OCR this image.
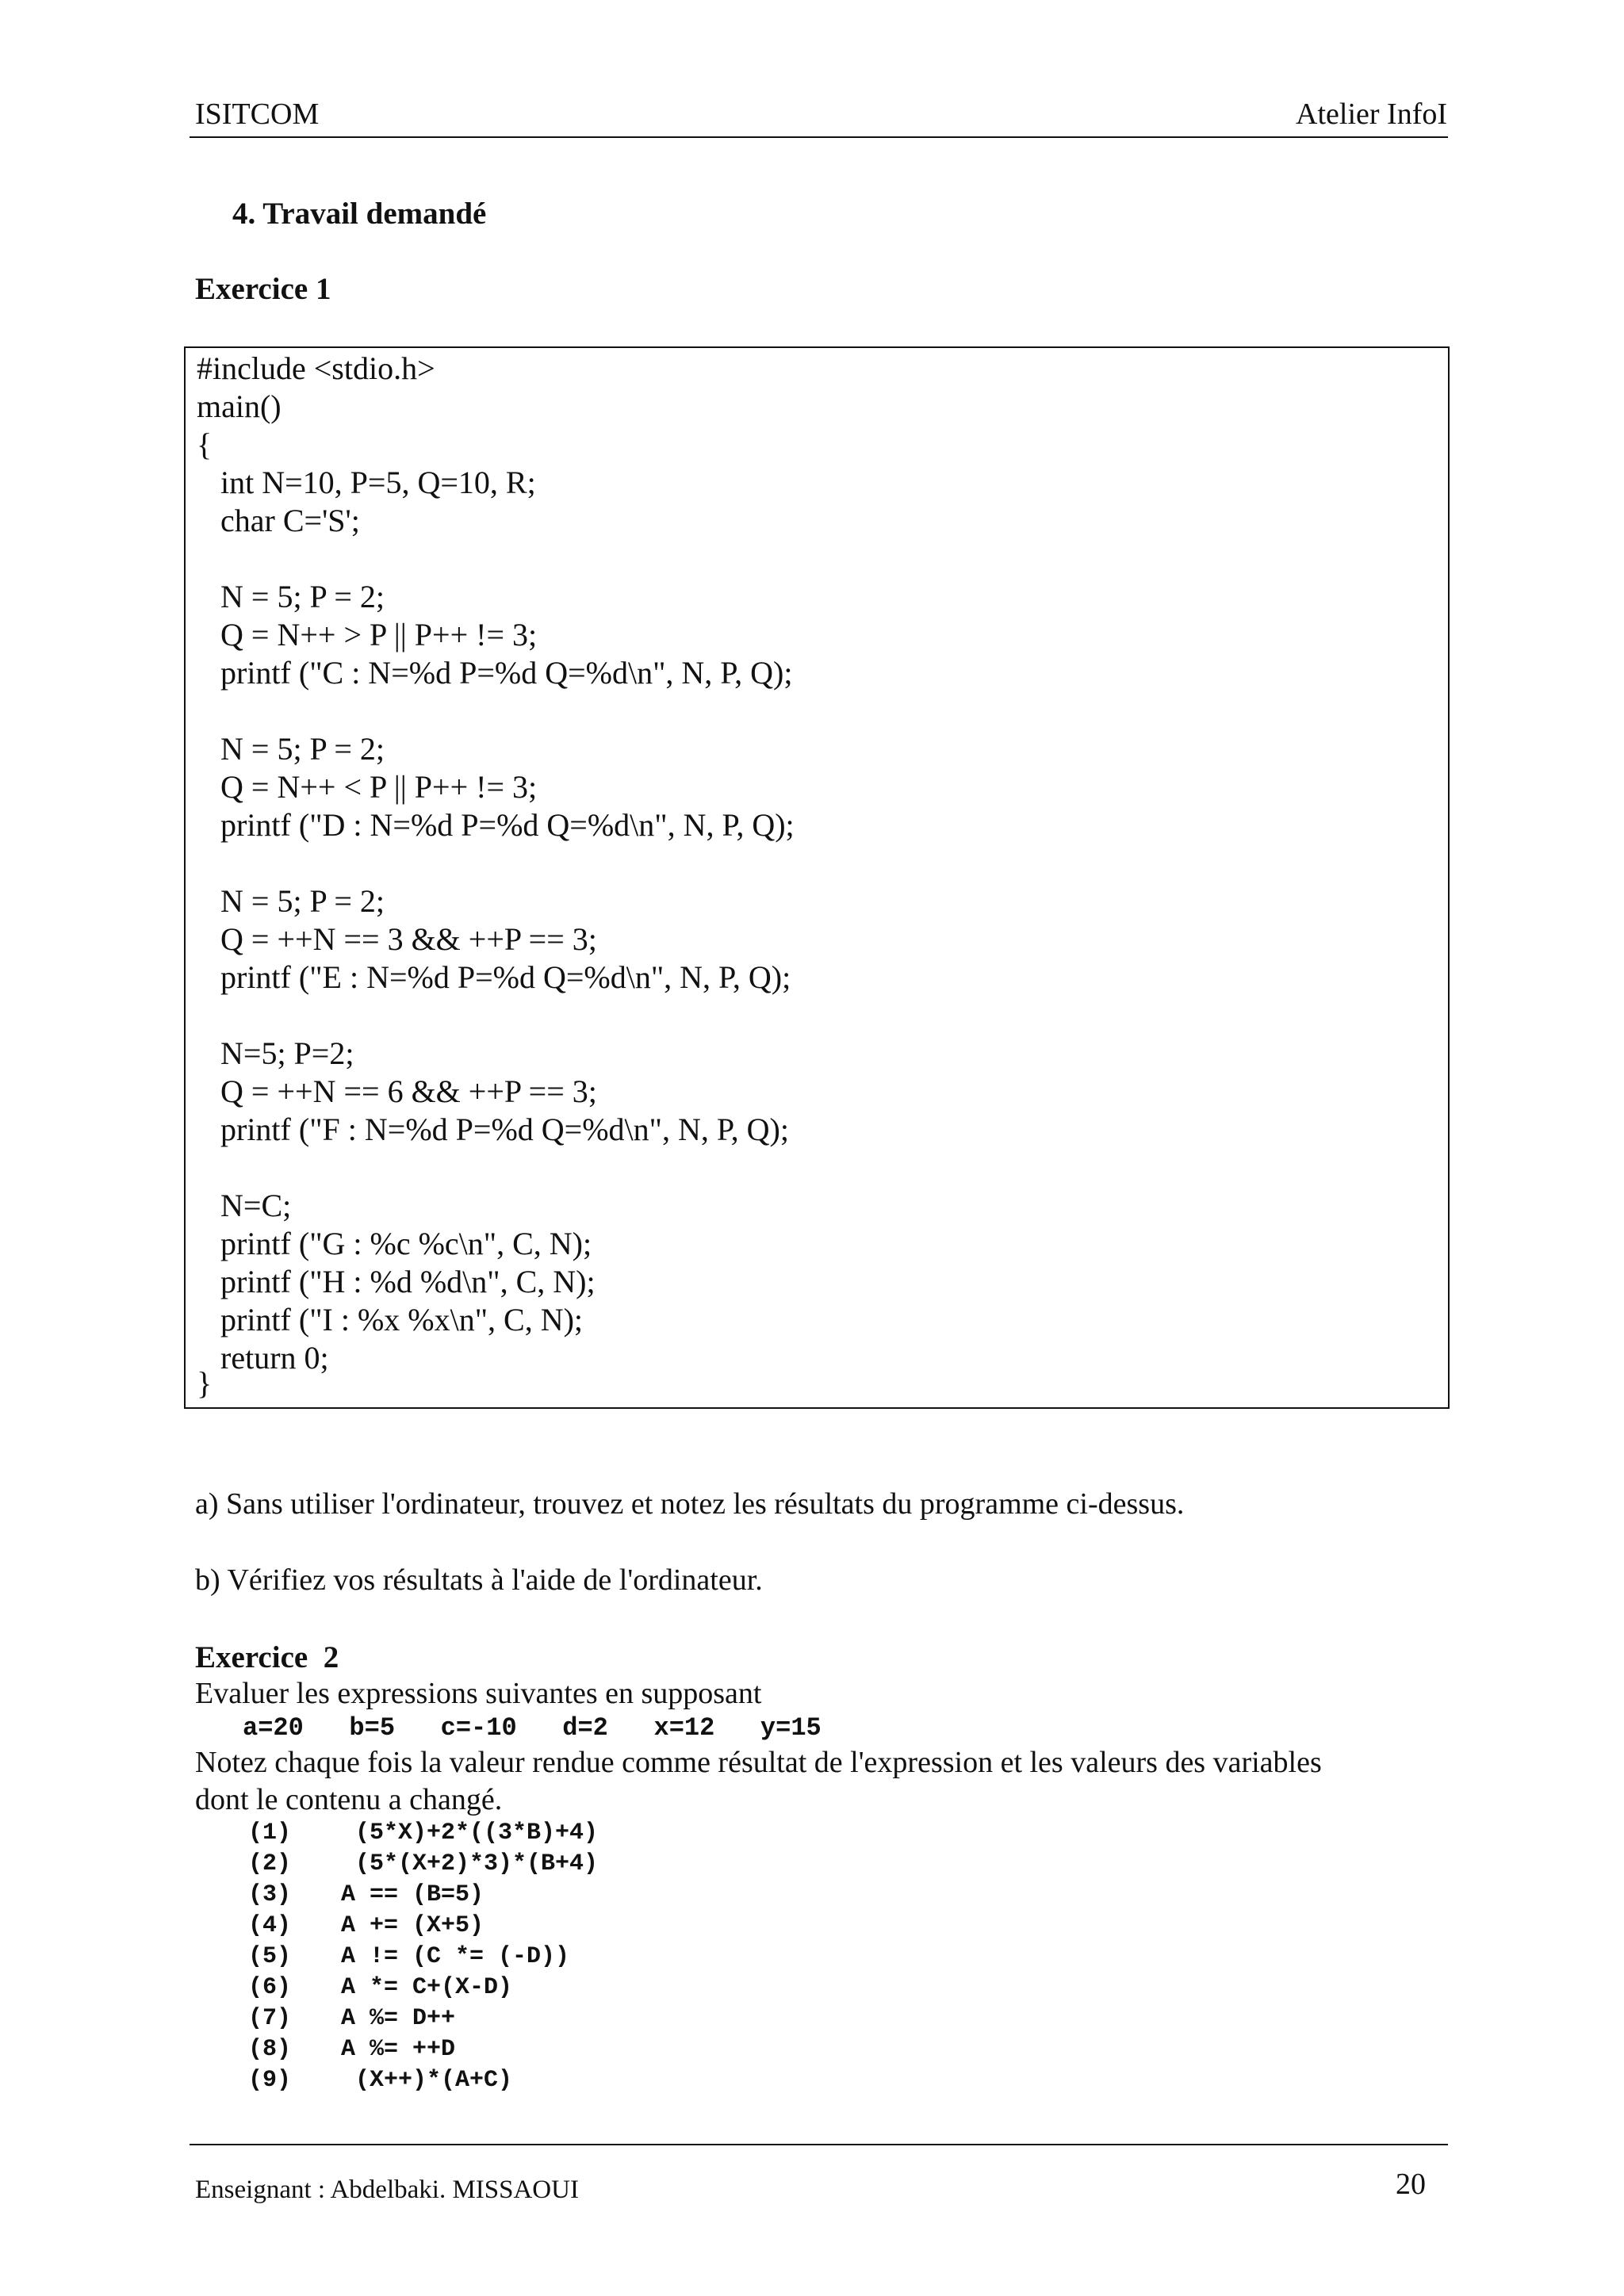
ISITCOM	Atelier InfoI
4. Travail demandé
Exercice 1
#include <stdio.h>
main()
{
int N=10, P=5, Q=10, R;
char C='S';
N = 5; P = 2;
Q = N++ > P || P++ != 3;
printf ("C : N=%d P=%d Q=%d\n", N, P, Q);
N = 5; P = 2;
Q = N++ < P || P++ != 3;
printf ("D : N=%d P=%d Q=%d\n", N, P, Q);
N = 5; P = 2;
Q = ++N == 3 && ++P == 3;
printf ("E : N=%d P=%d Q=%d\n", N, P, Q);
N=5; P=2;
Q = ++N == 6 && ++P == 3;
printf ("F : N=%d P=%d Q=%d\n", N, P, Q);
N=C;
printf ("G : %c %c\n", C, N);
printf ("H : %d %d\n", C, N);
printf ("I : %x %x\n", C, N);
return 0;
}
a) Sans utiliser l'ordinateur, trouvez et notez les résultats du programme ci-dessus.
b) Vérifiez vos résultats à l'aide de l'ordinateur.
Exercice  2
Evaluer les expressions suivantes en supposant
a=20   b=5   c=-10   d=2   x=12   y=15
Notez chaque fois la valeur rendue comme résultat de l'expression et les valeurs des variables
dont le contenu a changé.
(1) (5*X)+2*((3*B)+4)
(2) (5*(X+2)*3)*(B+4)
(3) A == (B=5)
(4) A += (X+5)
(5) A != (C *= (-D))
(6) A *= C+(X-D)
(7) A %= D++
(8) A %= ++D
(9) (X++)*(A+C)
Enseignant : Abdelbaki. MISSAOUI	20
